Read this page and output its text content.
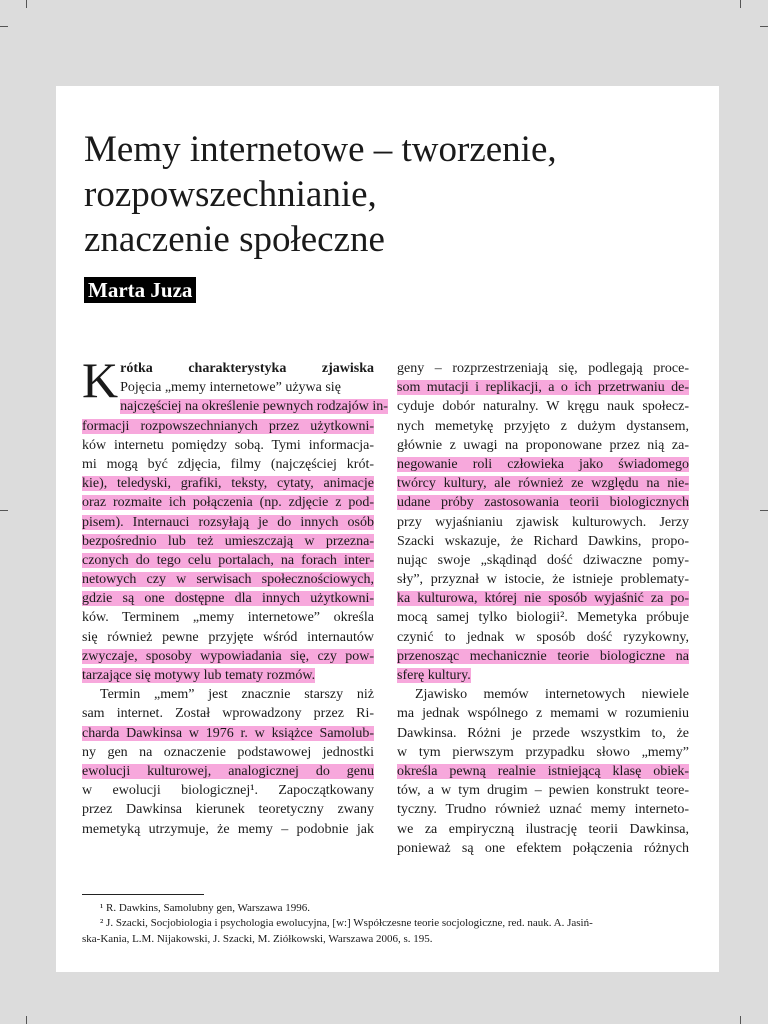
Memy internetowe – tworzenie,
rozpowszechnianie,
znaczenie społeczne
Marta Juza
K rótka charakterystyka zjawiska
Pojęcia „memy internetowe” używa się
najczęściej na określenie pewnych rodzajów in-
formacji rozpowszechnianych przez użytkowni-
ków internetu pomiędzy sobą. Tymi informacja-
mi mogą być zdjęcia, filmy (najczęściej krót-
kie), teledyski, grafiki, teksty, cytaty, animacje
oraz rozmaite ich połączenia (np. zdjęcie z pod-
pisem). Internauci rozsyłają je do innych osób
bezpośrednio lub też umieszczają w przezna-
czonych do tego celu portalach, na forach inter-
netowych czy w serwisach społecznościowych,
gdzie są one dostępne dla innych użytkowni-
ków. Terminem „memy internetowe” określa
się również pewne przyjęte wśród internautów
zwyczaje, sposoby wypowiadania się, czy pow-
tarzające się motywy lub tematy rozmów.
Termin „mem” jest znacznie starszy niż
sam internet. Został wprowadzony przez Ri-
charda Dawkinsa w 1976 r. w książce Samolub-
ny gen na oznaczenie podstawowej jednostki
ewolucji kulturowej, analogicznej do genu
w ewolucji biologicznej¹. Zapoczątkowany
przez Dawkinsa kierunek teoretyczny zwany
memetyką utrzymuje, że memy – podobnie jak
geny – rozprzestrzeniają się, podlegają proce-
som mutacji i replikacji, a o ich przetrwaniu de-
cyduje dobór naturalny. W kręgu nauk społecz-
nych memetykę przyjęto z dużym dystansem,
głównie z uwagi na proponowane przez nią za-
negowanie roli człowieka jako świadomego
twórcy kultury, ale również ze względu na nie-
udane próby zastosowania teorii biologicznych
przy wyjaśnianiu zjawisk kulturowych. Jerzy
Szacki wskazuje, że Richard Dawkins, propo-
nując swoje „skądinąd dość dziwaczne pomy-
sły”, przyznał w istocie, że istnieje problematy-
ka kulturowa, której nie sposób wyjaśnić za po-
mocą samej tylko biologii². Memetyka próbuje
czynić to jednak w sposób dość ryzykowny,
przenosząc mechanicznie teorie biologiczne na
sferę kultury.
Zjawisko memów internetowych niewiele
ma jednak wspólnego z memami w rozumieniu
Dawkinsa. Różni je przede wszystkim to, że
w tym pierwszym przypadku słowo „memy”
określa pewną realnie istniejącą klasę obiek-
tów, a w tym drugim – pewien konstrukt teore-
tyczny. Trudno również uznać memy interneto-
we za empiryczną ilustrację teorii Dawkinsa,
ponieważ są one efektem połączenia różnych
¹ R. Dawkins, Samolubny gen, Warszawa 1996.
² J. Szacki, Socjobiologia i psychologia ewolucyjna, [w:] Współczesne teorie socjologiczne, red. nauk. A. Jasiń-
ska-Kania, L.M. Nijakowski, J. Szacki, M. Ziółkowski, Warszawa 2006, s. 195.
